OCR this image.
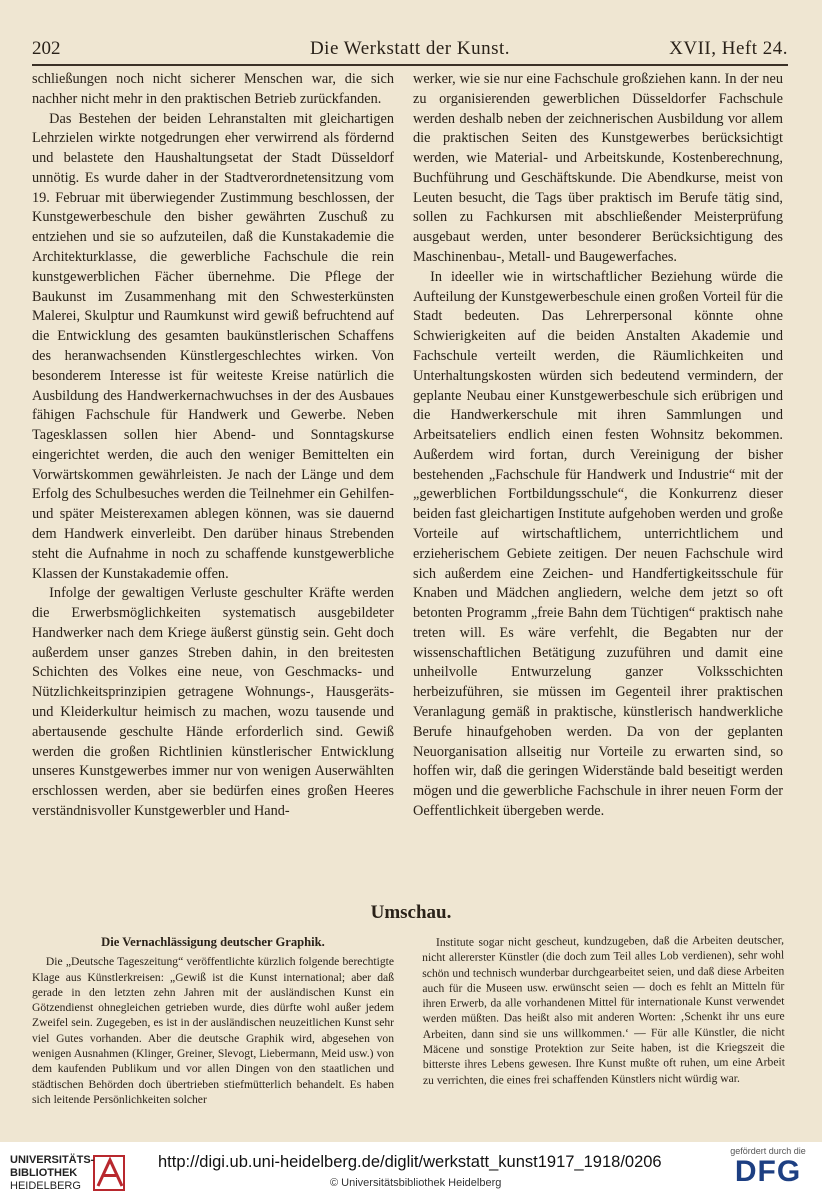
202	Die Werkstatt der Kunst.	XVII, Heft 24.

schließungen noch nicht sicherer Menschen war, die sich nachher nicht mehr in den praktischen Betrieb zurückfanden.

Das Bestehen der beiden Lehranstalten mit gleichartigen Lehrzielen wirkte notgedrungen eher verwirrend als fördernd und belastete den Haushaltungsetat der Stadt Düsseldorf unnötig. Es wurde daher in der Stadtverordnetensitzung vom 19. Februar mit überwiegender Zustimmung beschlossen, der Kunstgewerbeschule den bisher gewährten Zuschuß zu entziehen und sie so aufzuteilen, daß die Kunstakademie die Architekturklasse, die gewerbliche Fachschule die rein kunstgewerblichen Fächer übernehme. Die Pflege der Baukunst im Zusammenhang mit den Schwesterkünsten Malerei, Skulptur und Raumkunst wird gewiß befruchtend auf die Entwicklung des gesamten baukünstlerischen Schaffens des heranwachsenden Künstlergeschlechtes wirken. Von besonderem Interesse ist für weiteste Kreise natürlich die Ausbildung des Handwerkernachwuchses in der des Ausbaues fähigen Fachschule für Handwerk und Gewerbe. Neben Tagesklassen sollen hier Abend- und Sonntagskurse eingerichtet werden, die auch den weniger Bemittelten ein Vorwärtskommen gewährleisten. Je nach der Länge und dem Erfolg des Schulbesuches werden die Teilnehmer ein Gehilfen- und später Meisterexamen ablegen können, was sie dauernd dem Handwerk einverleibt. Den darüber hinaus Strebenden steht die Aufnahme in noch zu schaffende kunstgewerbliche Klassen der Kunstakademie offen.

Infolge der gewaltigen Verluste geschulter Kräfte werden die Erwerbsmöglichkeiten systematisch ausgebildeter Handwerker nach dem Kriege äußerst günstig sein. Geht doch außerdem unser ganzes Streben dahin, in den breitesten Schichten des Volkes eine neue, von Geschmacks- und Nützlichkeitsprinzipien getragene Wohnungs-, Hausgeräts- und Kleiderkultur heimisch zu machen, wozu tausende und abertausende geschulte Hände erforderlich sind. Gewiß werden die großen Richtlinien künstlerischer Entwicklung unseres Kunstgewerbes immer nur von wenigen Auserwählten erschlossen werden, aber sie bedürfen eines großen Heeres verständnisvoller Kunstgewerbler und Hand-

werker, wie sie nur eine Fachschule großziehen kann. In der neu zu organisierenden gewerblichen Düsseldorfer Fachschule werden deshalb neben der zeichnerischen Ausbildung vor allem die praktischen Seiten des Kunstgewerbes berücksichtigt werden, wie Material- und Arbeitskunde, Kostenberechnung, Buchführung und Geschäftskunde. Die Abendkurse, meist von Leuten besucht, die Tags über praktisch im Berufe tätig sind, sollen zu Fachkursen mit abschließender Meisterprüfung ausgebaut werden, unter besonderer Berücksichtigung des Maschinenbau-, Metall- und Baugewerfaches.

In ideeller wie in wirtschaftlicher Beziehung würde die Aufteilung der Kunstgewerbeschule einen großen Vorteil für die Stadt bedeuten. Das Lehrerpersonal könnte ohne Schwierigkeiten auf die beiden Anstalten Akademie und Fachschule verteilt werden, die Räumlichkeiten und Unterhaltungskosten würden sich bedeutend vermindern, der geplante Neubau einer Kunstgewerbeschule sich erübrigen und die Handwerkerschule mit ihren Sammlungen und Arbeitsateliers endlich einen festen Wohnsitz bekommen. Außerdem wird fortan, durch Vereinigung der bisher bestehenden „Fachschule für Handwerk und Industrie“ mit der „gewerblichen Fortbildungsschule“, die Konkurrenz dieser beiden fast gleichartigen Institute aufgehoben werden und große Vorteile auf wirtschaftlichem, unterrichtlichem und erzieherischem Gebiete zeitigen. Der neuen Fachschule wird sich außerdem eine Zeichen- und Handfertigkeitsschule für Knaben und Mädchen angliedern, welche dem jetzt so oft betonten Programm „freie Bahn dem Tüchtigen“ praktisch nahe treten will. Es wäre verfehlt, die Begabten nur der wissenschaftlichen Betätigung zuzuführen und damit eine unheilvolle Entwurzelung ganzer Volksschichten herbeizuführen, sie müssen im Gegenteil ihrer praktischen Veranlagung gemäß in praktische, künstlerisch handwerkliche Berufe hinaufgehoben werden. Da von der geplanten Neuorganisation allseitig nur Vorteile zu erwarten sind, so hoffen wir, daß die geringen Widerstände bald beseitigt werden mögen und die gewerbliche Fachschule in ihrer neuen Form der Oeffentlichkeit übergeben werde.

Umschau.
Die Vernachlässigung deutscher Graphik.

Die „Deutsche Tageszeitung“ veröffentlichte kürzlich folgende berechtigte Klage aus Künstlerkreisen: „Gewiß ist die Kunst international; aber daß gerade in den letzten zehn Jahren mit der ausländischen Kunst ein Götzendienst ohnegleichen getrieben wurde, dies dürfte wohl außer jedem Zweifel sein. Zugegeben, es ist in der ausländischen neuzeitlichen Kunst sehr viel Gutes vorhanden. Aber die deutsche Graphik wird, abgesehen von wenigen Ausnahmen (Klinger, Greiner, Slevogt, Liebermann, Meid usw.) von dem kaufenden Publikum und vor allen Dingen von den staatlichen und städtischen Behörden doch übertrieben stiefmütterlich behandelt. Es haben sich leitende Persönlichkeiten solcher

Institute sogar nicht gescheut, kundzugeben, daß die Arbeiten deutscher, nicht allererster Künstler (die doch zum Teil alles Lob verdienen), sehr wohl schön und technisch wunderbar durchgearbeitet seien, und daß diese Arbeiten auch für die Museen usw. erwünscht seien — doch es fehlt an Mitteln für ihren Erwerb, da alle vorhandenen Mittel für internationale Kunst verwendet werden müßten. Das heißt also mit anderen Worten: ‚Schenkt ihr uns eure Arbeiten, dann sind sie uns willkommen.‘ — Für alle Künstler, die nicht Mäcene und sonstige Protektion zur Seite haben, ist die Kriegszeit die bitterste ihres Lebens gewesen. Ihre Kunst mußte oft ruhen, um eine Arbeit zu verrichten, die eines frei schaffenden Künstlers nicht würdig war.

UNIVERSITÄTS-
BIBLIOTHEK
HEIDELBERG
http://digi.ub.uni-heidelberg.de/diglit/werkstatt_kunst1917_1918/0206
© Universitätsbibliothek Heidelberg
gefördert durch die
DFG
